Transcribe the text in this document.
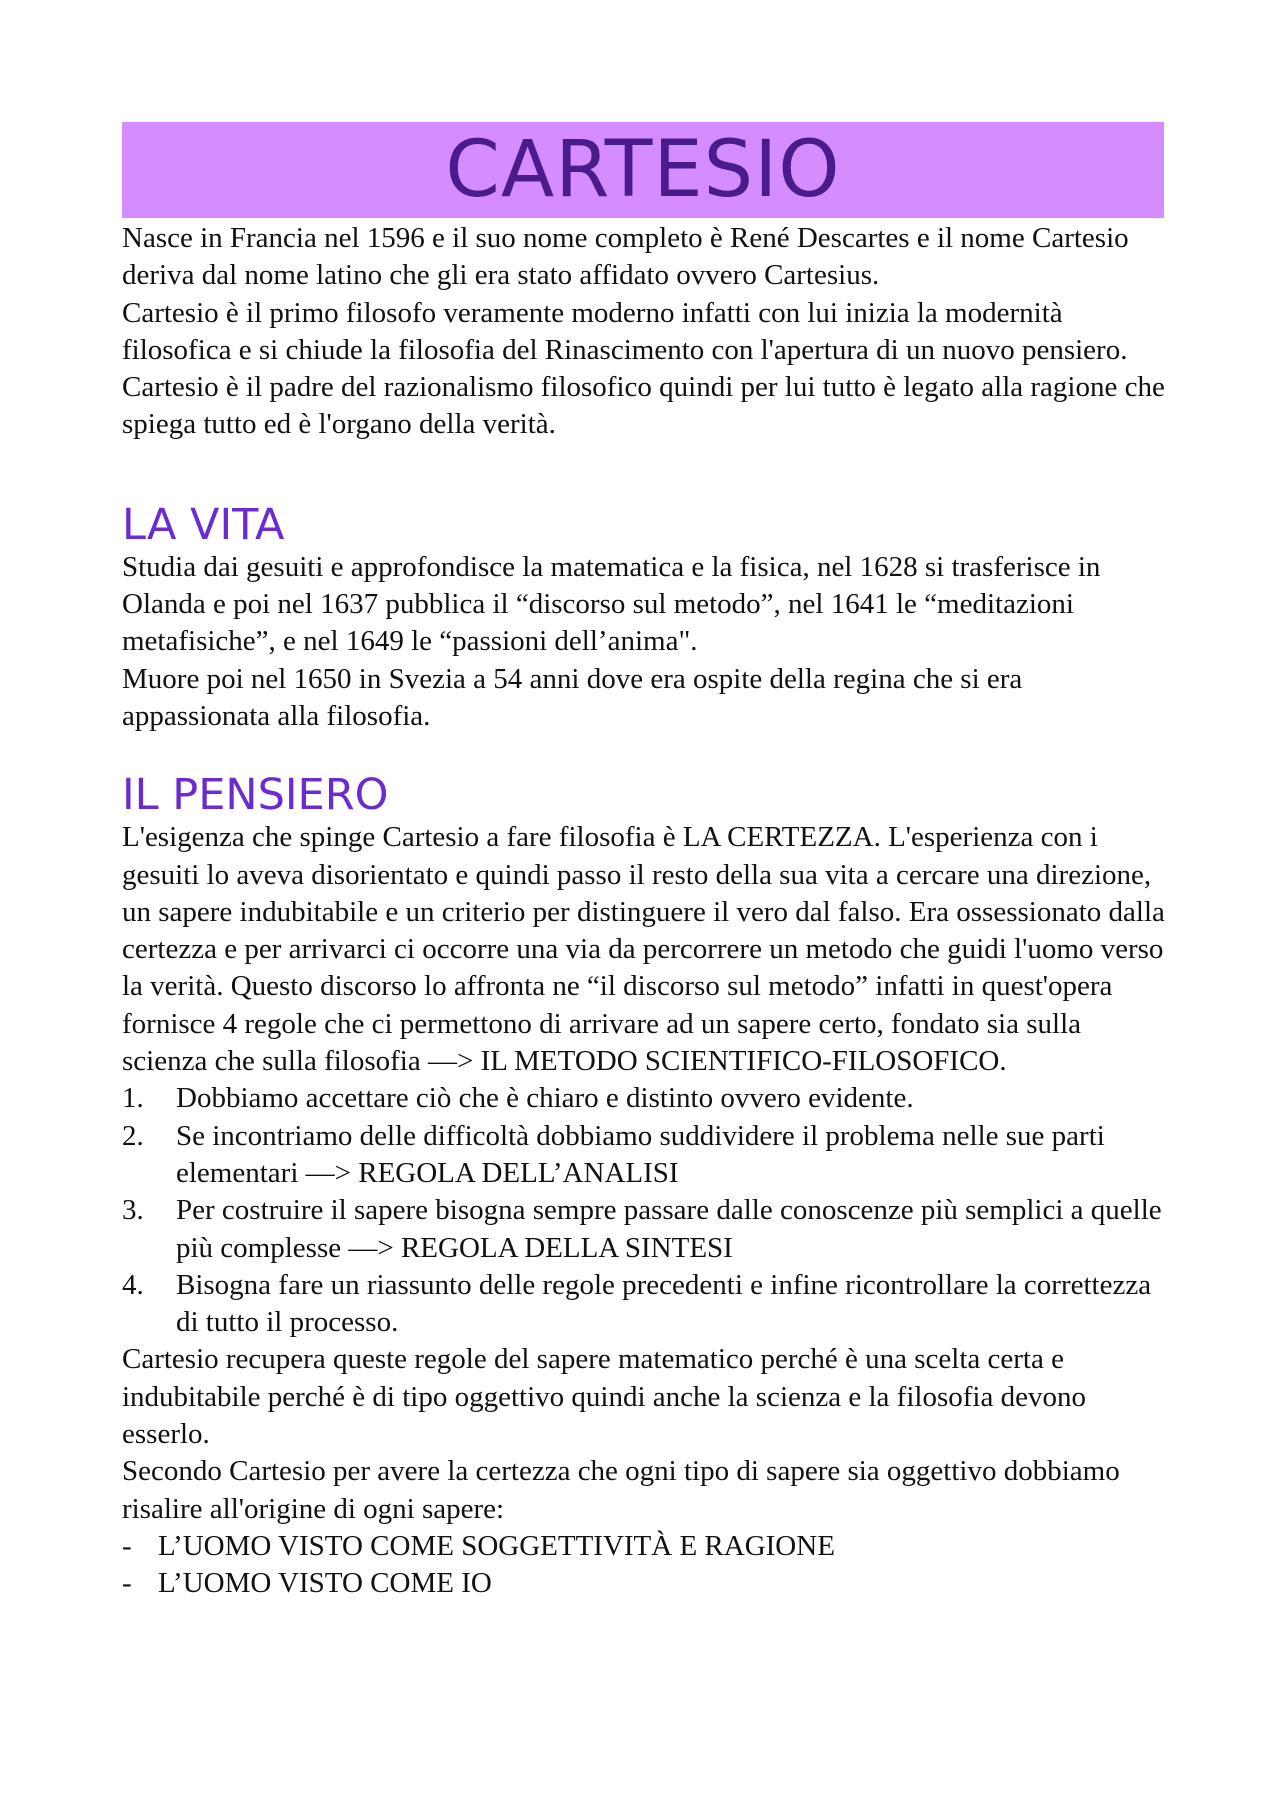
CARTESIO

Nasce in Francia nel 1596 e il suo nome completo è René Descartes e il nome Cartesio deriva dal nome latino che gli era stato affidato ovvero Cartesius.

Cartesio è il primo filosofo veramente moderno infatti con lui inizia la modernità filosofica e si chiude la filosofia del Rinascimento con l'apertura di un nuovo pensiero.

Cartesio è il padre del razionalismo filosofico quindi per lui tutto è legato alla ragione che spiega tutto ed è l'organo della verità.

LA VITA

Studia dai gesuiti e approfondisce la matematica e la fisica, nel 1628 si trasferisce in Olanda e poi nel 1637 pubblica il “discorso sul metodo”, nel 1641 le “meditazioni metafisiche”, e nel 1649 le “passioni dell’anima".

Muore poi nel 1650 in Svezia a 54 anni dove era ospite della regina che si era appassionata alla filosofia.

IL PENSIERO

L'esigenza che spinge Cartesio a fare filosofia è LA CERTEZZA. L'esperienza con i gesuiti lo aveva disorientato e quindi passo il resto della sua vita a cercare una direzione, un sapere indubitabile e un criterio per distinguere il vero dal falso. Era ossessionato dalla certezza e per arrivarci ci occorre una via da percorrere un metodo che guidi l'uomo verso la verità. Questo discorso lo affronta ne “il discorso sul metodo” infatti in quest'opera fornisce 4 regole che ci permettono di arrivare ad un sapere certo, fondato sia sulla scienza che sulla filosofia —> IL METODO SCIENTIFICO-FILOSOFICO.

1. Dobbiamo accettare ciò che è chiaro e distinto ovvero evidente.
2. Se incontriamo delle difficoltà dobbiamo suddividere il problema nelle sue parti elementari —> REGOLA DELL’ANALISI
3. Per costruire il sapere bisogna sempre passare dalle conoscenze più semplici a quelle più complesse —> REGOLA DELLA SINTESI
4. Bisogna fare un riassunto delle regole precedenti e infine ricontrollare la correttezza di tutto il processo.

Cartesio recupera queste regole del sapere matematico perché è una scelta certa e indubitabile perché è di tipo oggettivo quindi anche la scienza e la filosofia devono esserlo.

Secondo Cartesio per avere la certezza che ogni tipo di sapere sia oggettivo dobbiamo risalire all'origine di ogni sapere:

- L’UOMO VISTO COME SOGGETTIVITÀ E RAGIONE
- L’UOMO VISTO COME IO
